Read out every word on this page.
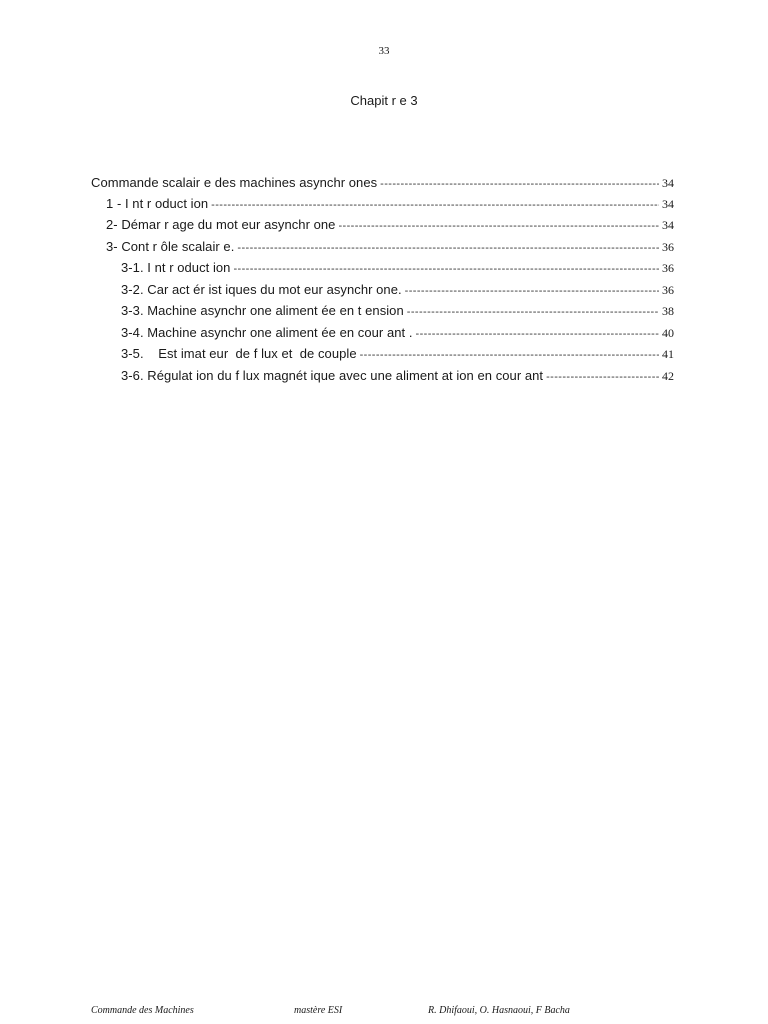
33
Chapit r e 3
Commande scalair e des machines asynchr ones -----	34
1 - I nt r oduct ion -----	34
2- Démar r age du mot eur asynchr one -----	34
3- Cont r ôle scalair e. -----	36
3-1. I nt r oduct ion -----	36
3-2. Car act ér ist iques du mot eur asynchr one. -----	36
3-3. Machine asynchr one aliment ée en t ension -----	38
3-4. Machine asynchr one aliment ée en cour ant . -----	40
3-5.    Est imat eur  de f lux et  de couple -----	41
3-6. Régulat ion du f lux magnét ique avec une aliment at ion en cour ant -----	42
Commande des Machines	mastère ESI	R. Dhifaoui, O. Hasnaoui, F Bacha
